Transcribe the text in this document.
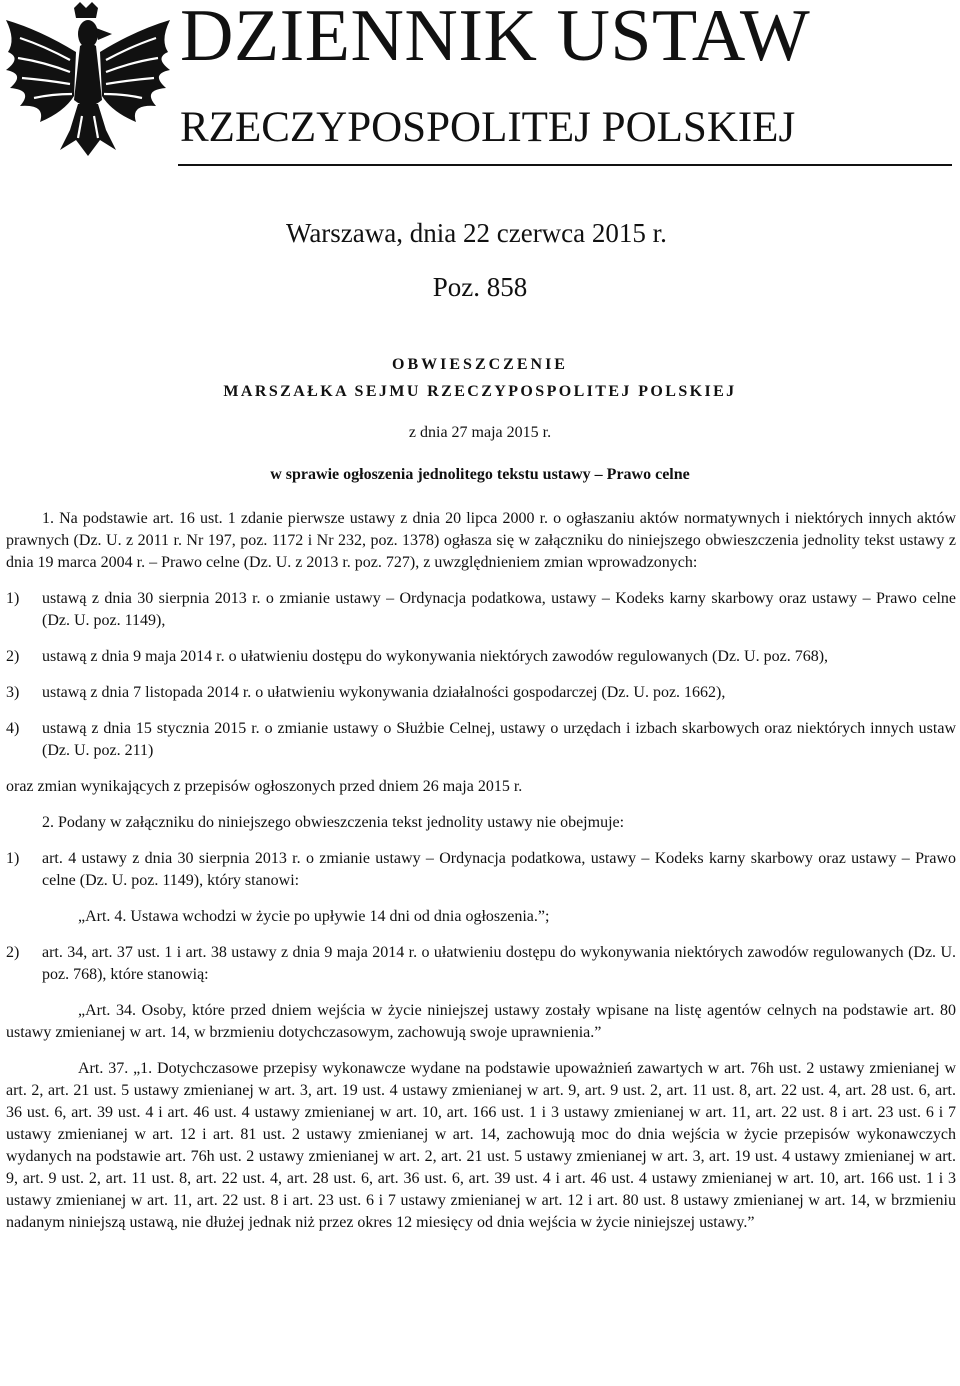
DZIENNIK USTAW
RZECZYPOSPOLITEJ POLSKIEJ
Warszawa, dnia 22 czerwca 2015 r.
Poz. 858
OBWIESZCZENIE
MARSZAŁKA SEJMU RZECZYPOSPOLITEJ POLSKIEJ
z dnia 27 maja 2015 r.
w sprawie ogłoszenia jednolitego tekstu ustawy – Prawo celne

1. Na podstawie art. 16 ust. 1 zdanie pierwsze ustawy z dnia 20 lipca 2000 r. o ogłaszaniu aktów normatywnych i niektórych innych aktów prawnych (Dz. U. z 2011 r. Nr 197, poz. 1172 i Nr 232, poz. 1378) ogłasza się w załączniku do niniejszego obwieszczenia jednolity tekst ustawy z dnia 19 marca 2004 r. – Prawo celne (Dz. U. z 2013 r. poz. 727), z uwzględnieniem zmian wprowadzonych:

1) ustawą z dnia 30 sierpnia 2013 r. o zmianie ustawy – Ordynacja podatkowa, ustawy – Kodeks karny skarbowy oraz ustawy – Prawo celne (Dz. U. poz. 1149),
2) ustawą z dnia 9 maja 2014 r. o ułatwieniu dostępu do wykonywania niektórych zawodów regulowanych (Dz. U. poz. 768),
3) ustawą z dnia 7 listopada 2014 r. o ułatwieniu wykonywania działalności gospodarczej (Dz. U. poz. 1662),
4) ustawą z dnia 15 stycznia 2015 r. o zmianie ustawy o Służbie Celnej, ustawy o urzędach i izbach skarbowych oraz niektórych innych ustaw (Dz. U. poz. 211)

oraz zmian wynikających z przepisów ogłoszonych przed dniem 26 maja 2015 r.

2. Podany w załączniku do niniejszego obwieszczenia tekst jednolity ustawy nie obejmuje:

1) art. 4 ustawy z dnia 30 sierpnia 2013 r. o zmianie ustawy – Ordynacja podatkowa, ustawy – Kodeks karny skarbowy oraz ustawy – Prawo celne (Dz. U. poz. 1149), który stanowi:

„Art. 4. Ustawa wchodzi w życie po upływie 14 dni od dnia ogłoszenia.”;

2) art. 34, art. 37 ust. 1 i art. 38 ustawy z dnia 9 maja 2014 r. o ułatwieniu dostępu do wykonywania niektórych zawodów regulowanych (Dz. U. poz. 768), które stanowią:

„Art. 34. Osoby, które przed dniem wejścia w życie niniejszej ustawy zostały wpisane na listę agentów celnych na podstawie art. 80 ustawy zmienianej w art. 14, w brzmieniu dotychczasowym, zachowują swoje uprawnienia.”

Art. 37. „1. Dotychczasowe przepisy wykonawcze wydane na podstawie upoważnień zawartych w art. 76h ust. 2 ustawy zmienianej w art. 2, art. 21 ust. 5 ustawy zmienianej w art. 3, art. 19 ust. 4 ustawy zmienianej w art. 9, art. 9 ust. 2, art. 11 ust. 8, art. 22 ust. 4, art. 28 ust. 6, art. 36 ust. 6, art. 39 ust. 4 i art. 46 ust. 4 ustawy zmienianej w art. 10, art. 166 ust. 1 i 3 ustawy zmienianej w art. 11, art. 22 ust. 8 i art. 23 ust. 6 i 7 ustawy zmienianej w art. 12 i art. 81 ust. 2 ustawy zmienianej w art. 14, zachowują moc do dnia wejścia w życie przepisów wykonawczych wydanych na podstawie art. 76h ust. 2 ustawy zmienianej w art. 2, art. 21 ust. 5 ustawy zmienianej w art. 3, art. 19 ust. 4 ustawy zmienianej w art. 9, art. 9 ust. 2, art. 11 ust. 8, art. 22 ust. 4, art. 28 ust. 6, art. 36 ust. 6, art. 39 ust. 4 i art. 46 ust. 4 ustawy zmienianej w art. 10, art. 166 ust. 1 i 3 ustawy zmienianej w art. 11, art. 22 ust. 8 i art. 23 ust. 6 i 7 ustawy zmienianej w art. 12 i art. 80 ust. 8 ustawy zmienianej w art. 14, w brzmieniu nadanym niniejszą ustawą, nie dłużej jednak niż przez okres 12 miesięcy od dnia wejścia w życie niniejszej ustawy.”
